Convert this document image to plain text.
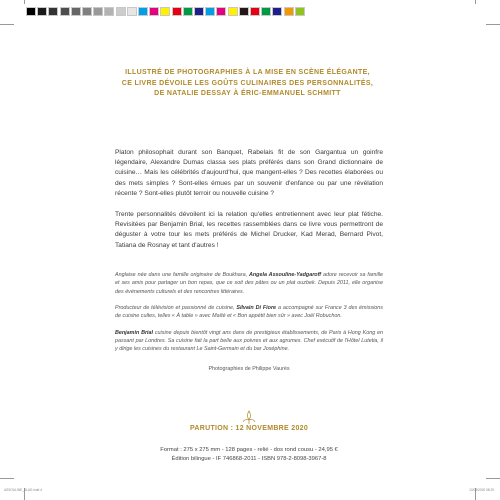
ILLUSTRÉ DE PHOTOGRAPHIES À LA MISE EN SCÈNE ÉLÉGANTE,
CE LIVRE DÉVOILE LES GOÛTS CULINAIRES DES PERSONNALITÉS,
DE NATALIE DESSAY À ÉRIC-EMMANUEL SCHMITT

Platon philosophait durant son Banquet, Rabelais fit de son Gargantua un goinfre légendaire, Alexandre Dumas classa ses plats préférés dans son Grand dictionnaire de cuisine… Mais les célébrités d'aujourd'hui, que mangent-elles ? Des recettes élaborées ou des mets simples ? Sont-elles émues par un souvenir d'enfance ou par une révélation récente ? Sont-elles plutôt terroir ou nouvelle cuisine ?

Trente personnalités dévoilent ici la relation qu'elles entretiennent avec leur plat fétiche. Revisitées par Benjamin Brial, les recettes rassemblées dans ce livre vous permettront de déguster à votre tour les mets préférés de Michel Drucker, Kad Merad, Bernard Pivot, Tatiana de Rosnay et tant d'autres !

Anglaise née dans une famille originaire de Boukhara, Angela Assouline-Yadgaroff adore recevoir sa famille et ses amis pour partager un bon repas, que ce soit des pâtes ou un plat ouzbek. Depuis 2011, elle organise des événements culturels et des rencontres littéraires.

Producteur de télévision et passionné de cuisine, Silvain Di Fiore a accompagné sur France 3 des émissions de cuisine cultes, telles « À table » avec Maïté et « Bon appétit bien sûr » avec Joël Robuchon.

Benjamin Brial cuisine depuis bientôt vingt ans dans de prestigieux établissements, de Paris à Hong Kong en passant par Londres. Sa cuisine fait la part belle aux poivres et aux agrumes. Chef exécutif de l'Hôtel Lutetia, il y dirige les cuisines du restaurant Le Saint-Germain et du bar Joséphine.

Photographies de Philippe Vaurès
PARUTION : 12 NOVEMBRE 2020
Format : 275 x 275 mm - 128 pages - relié - dos rond cousu - 24,95 €
Édition bilingue - IF 746868-2011 - ISBN 978-2-8098-3967-8
ASSOULINE_BLAD.indd 4	10/03/2020 08:29
